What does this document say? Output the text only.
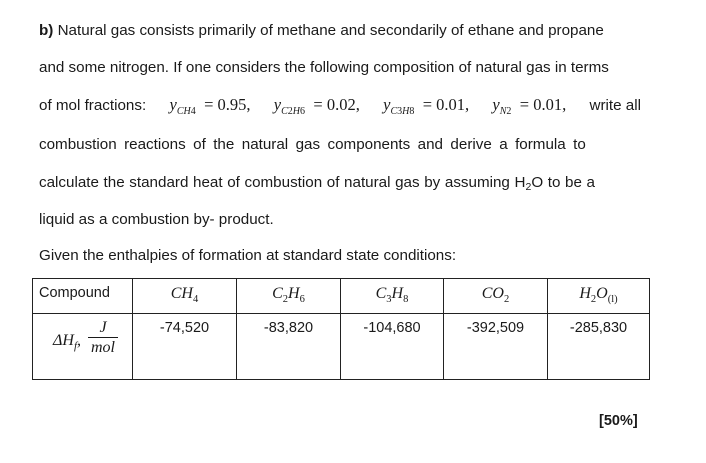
b) Natural gas consists primarily of methane and secondarily of ethane and propane
and some nitrogen. If one considers the following composition of natural gas in terms
of mol fractions: $y_{CH4} = 0.95$, $y_{C2H6} = 0.02$, $y_{C3H8} = 0.01$, $y_{N2} = 0.01$, write all
combustion reactions of the natural gas components and derive a formula to
calculate the standard heat of combustion of natural gas by assuming H2O to be a
liquid as a combustion by- product.
Given the enthalpies of formation at standard state conditions:
Compound	$CH_4$	$C_2H_6$	$C_3H_8$	$CO_2$	$H_2O_{(l)}$

$\Delta H_f$,
J
mol	-74,520	-83,820	-104,680	-392,509	-285,830
[50%]
